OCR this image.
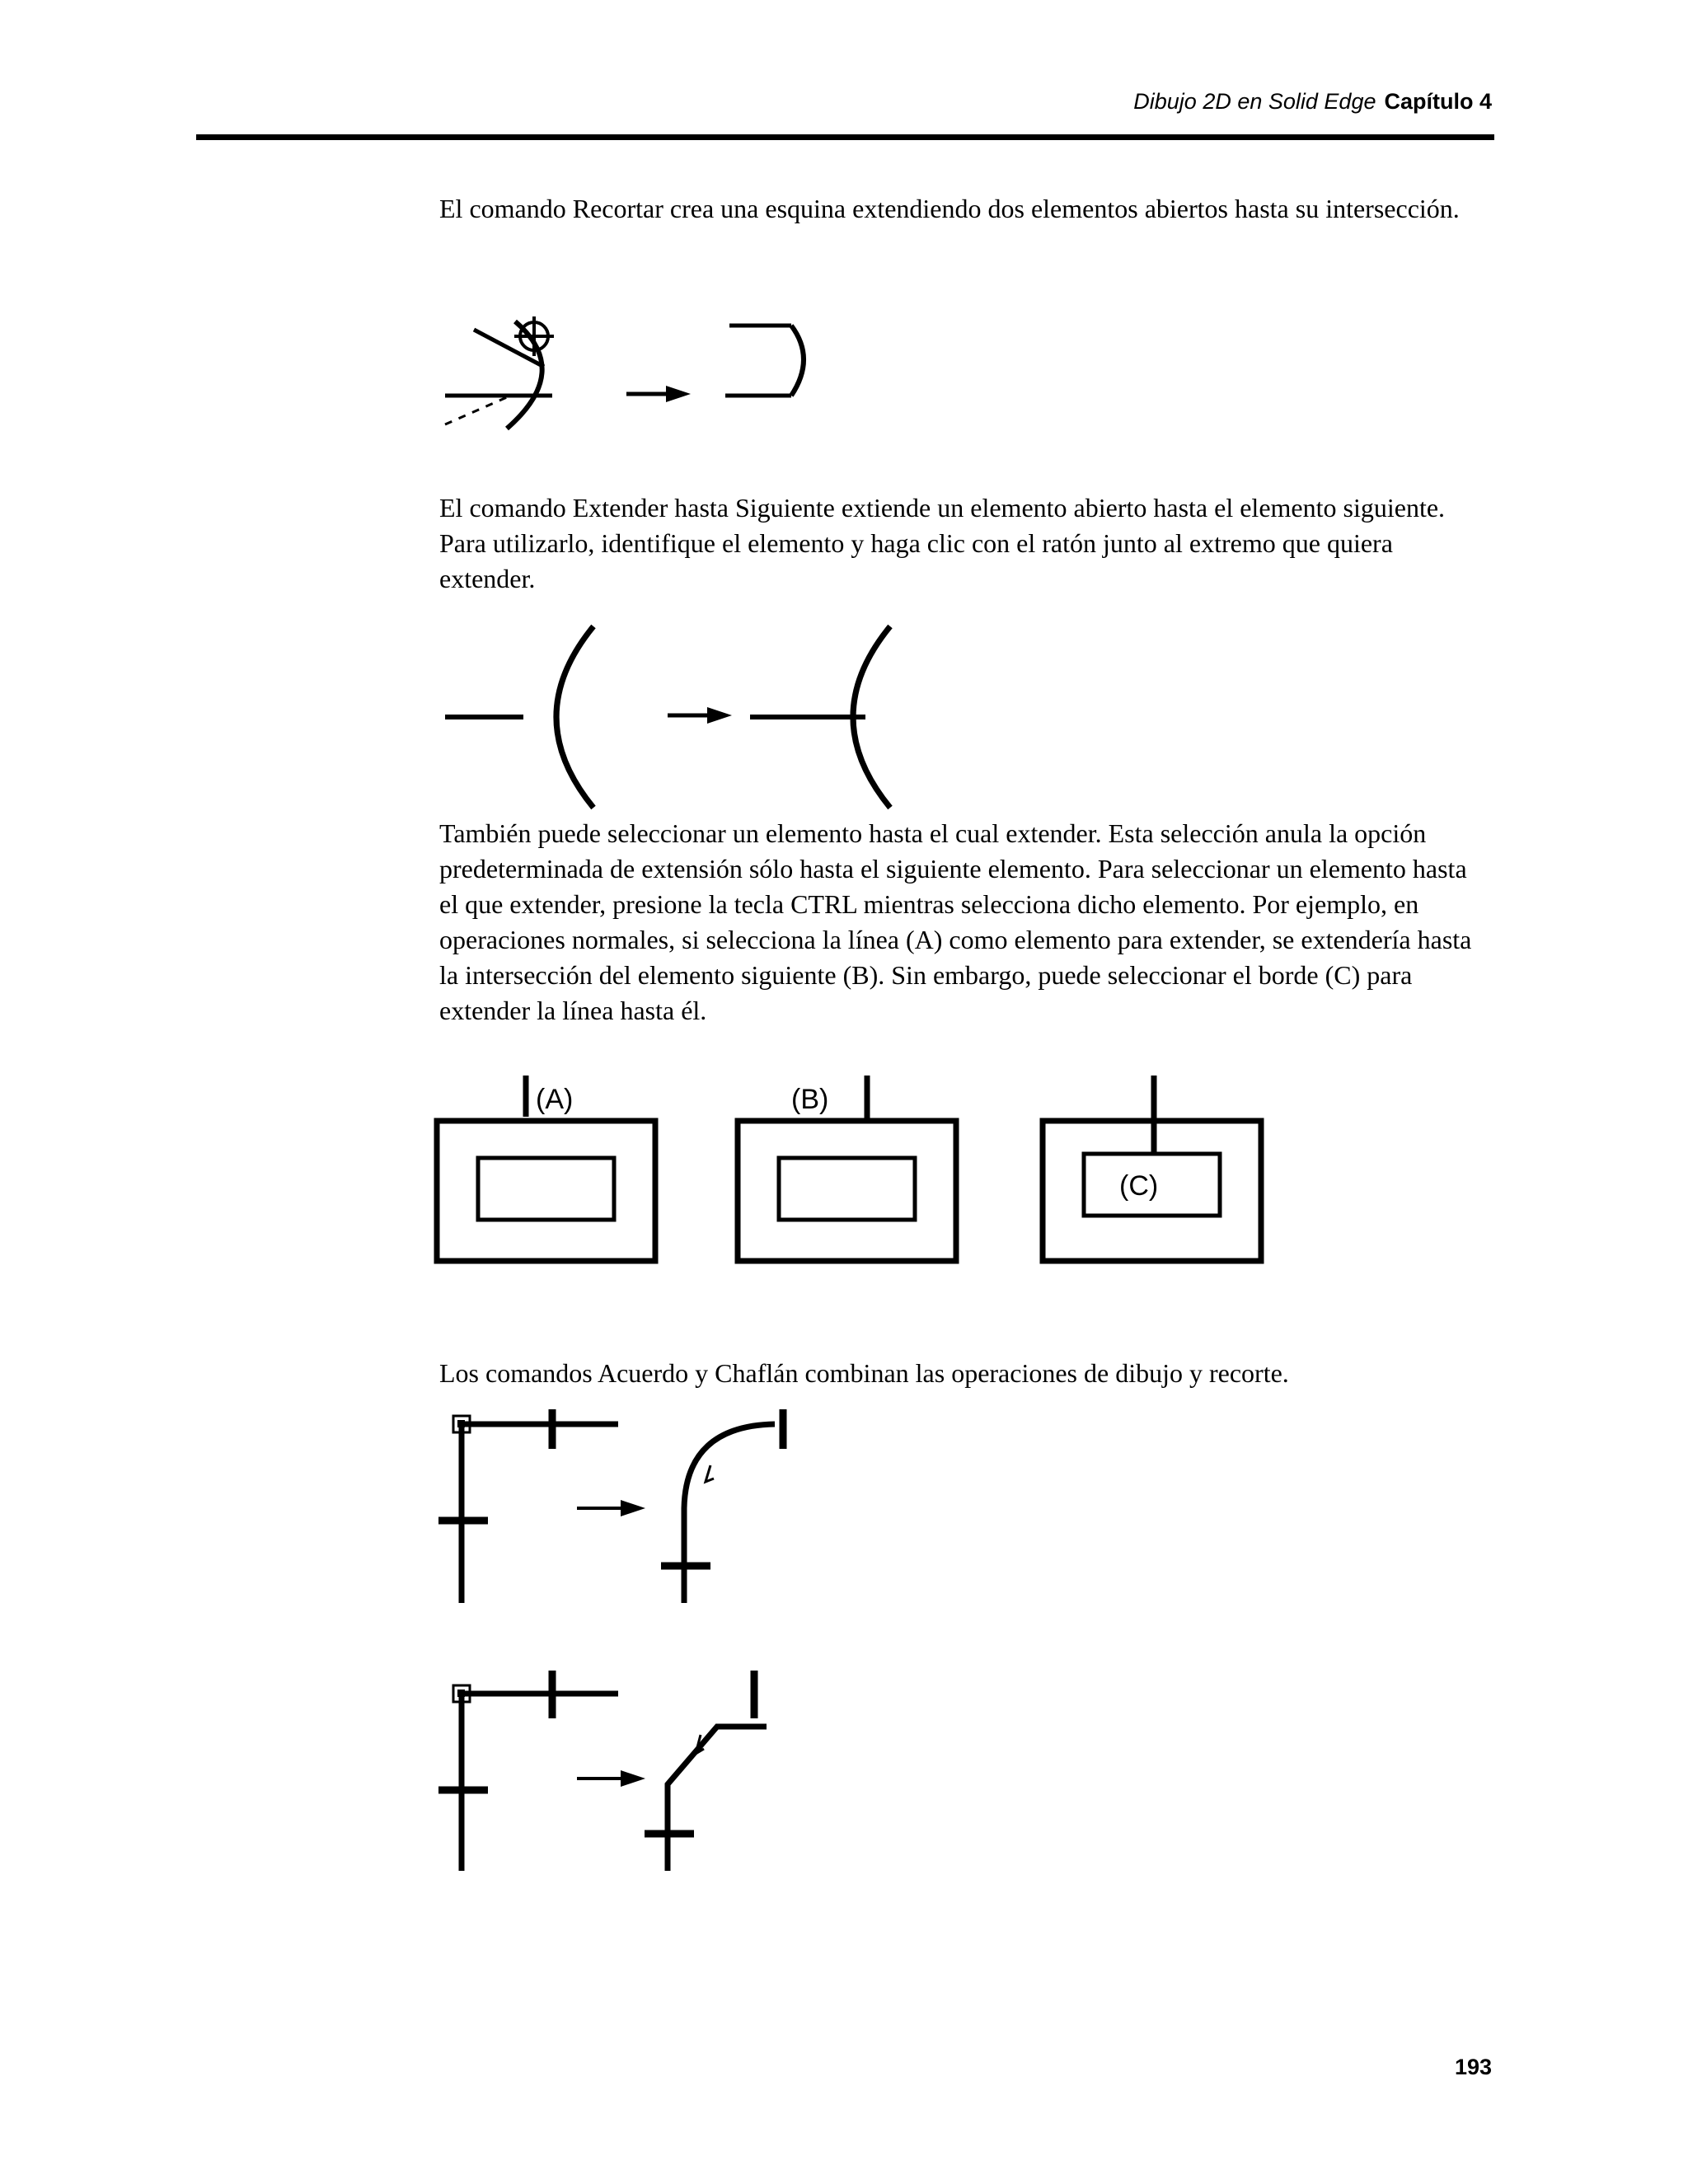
Dibujo 2D en Solid Edge Capítulo 4
El comando Recortar crea una esquina extendiendo dos elementos abiertos hasta su intersección.
El comando Extender hasta Siguiente extiende un elemento abierto hasta el elemento siguiente. Para utilizarlo, identifique el elemento y haga clic con el ratón junto al extremo que quiera extender.
También puede seleccionar un elemento hasta el cual extender. Esta selección anula la opción predeterminada de extensión sólo hasta el siguiente elemento. Para seleccionar un elemento hasta el que extender, presione la tecla CTRL mientras selecciona dicho elemento. Por ejemplo, en operaciones normales, si selecciona la línea (A) como elemento para extender, se extendería hasta la intersección del elemento siguiente (B). Sin embargo, puede seleccionar el borde (C) para extender la línea hasta él.
(A)	(B)
(C)
Los comandos Acuerdo y Chaflán combinan las operaciones de dibujo y recorte.
193
